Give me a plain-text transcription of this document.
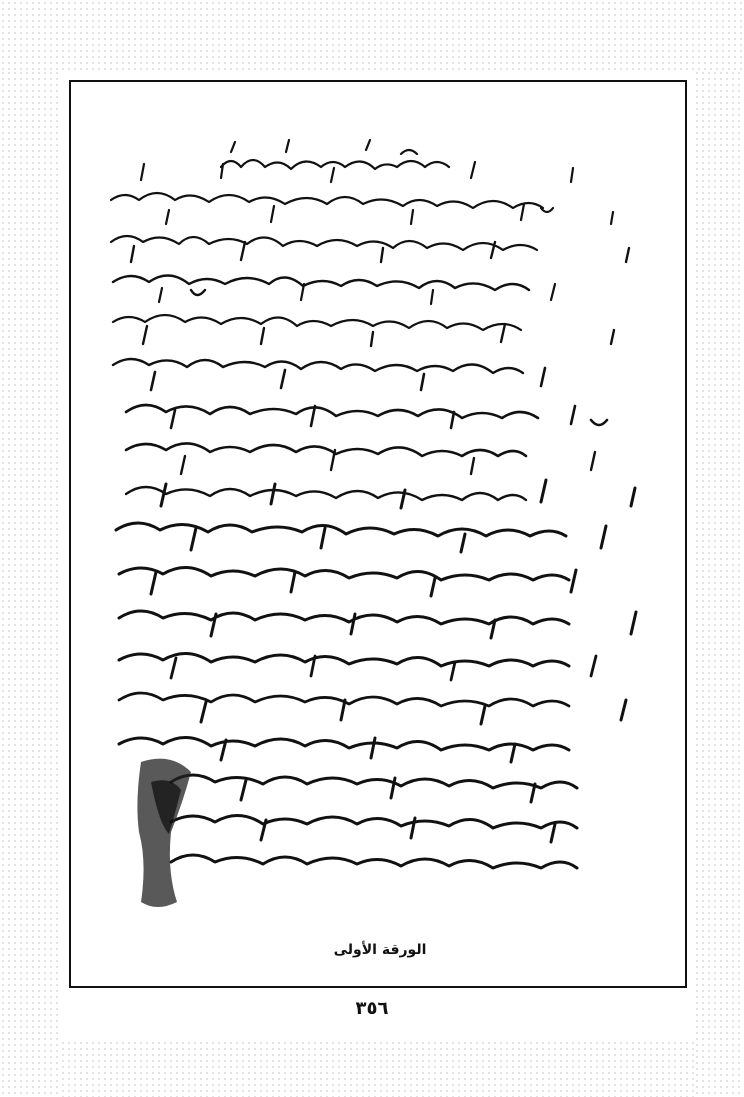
الورقة الأولى
٣٥٦
